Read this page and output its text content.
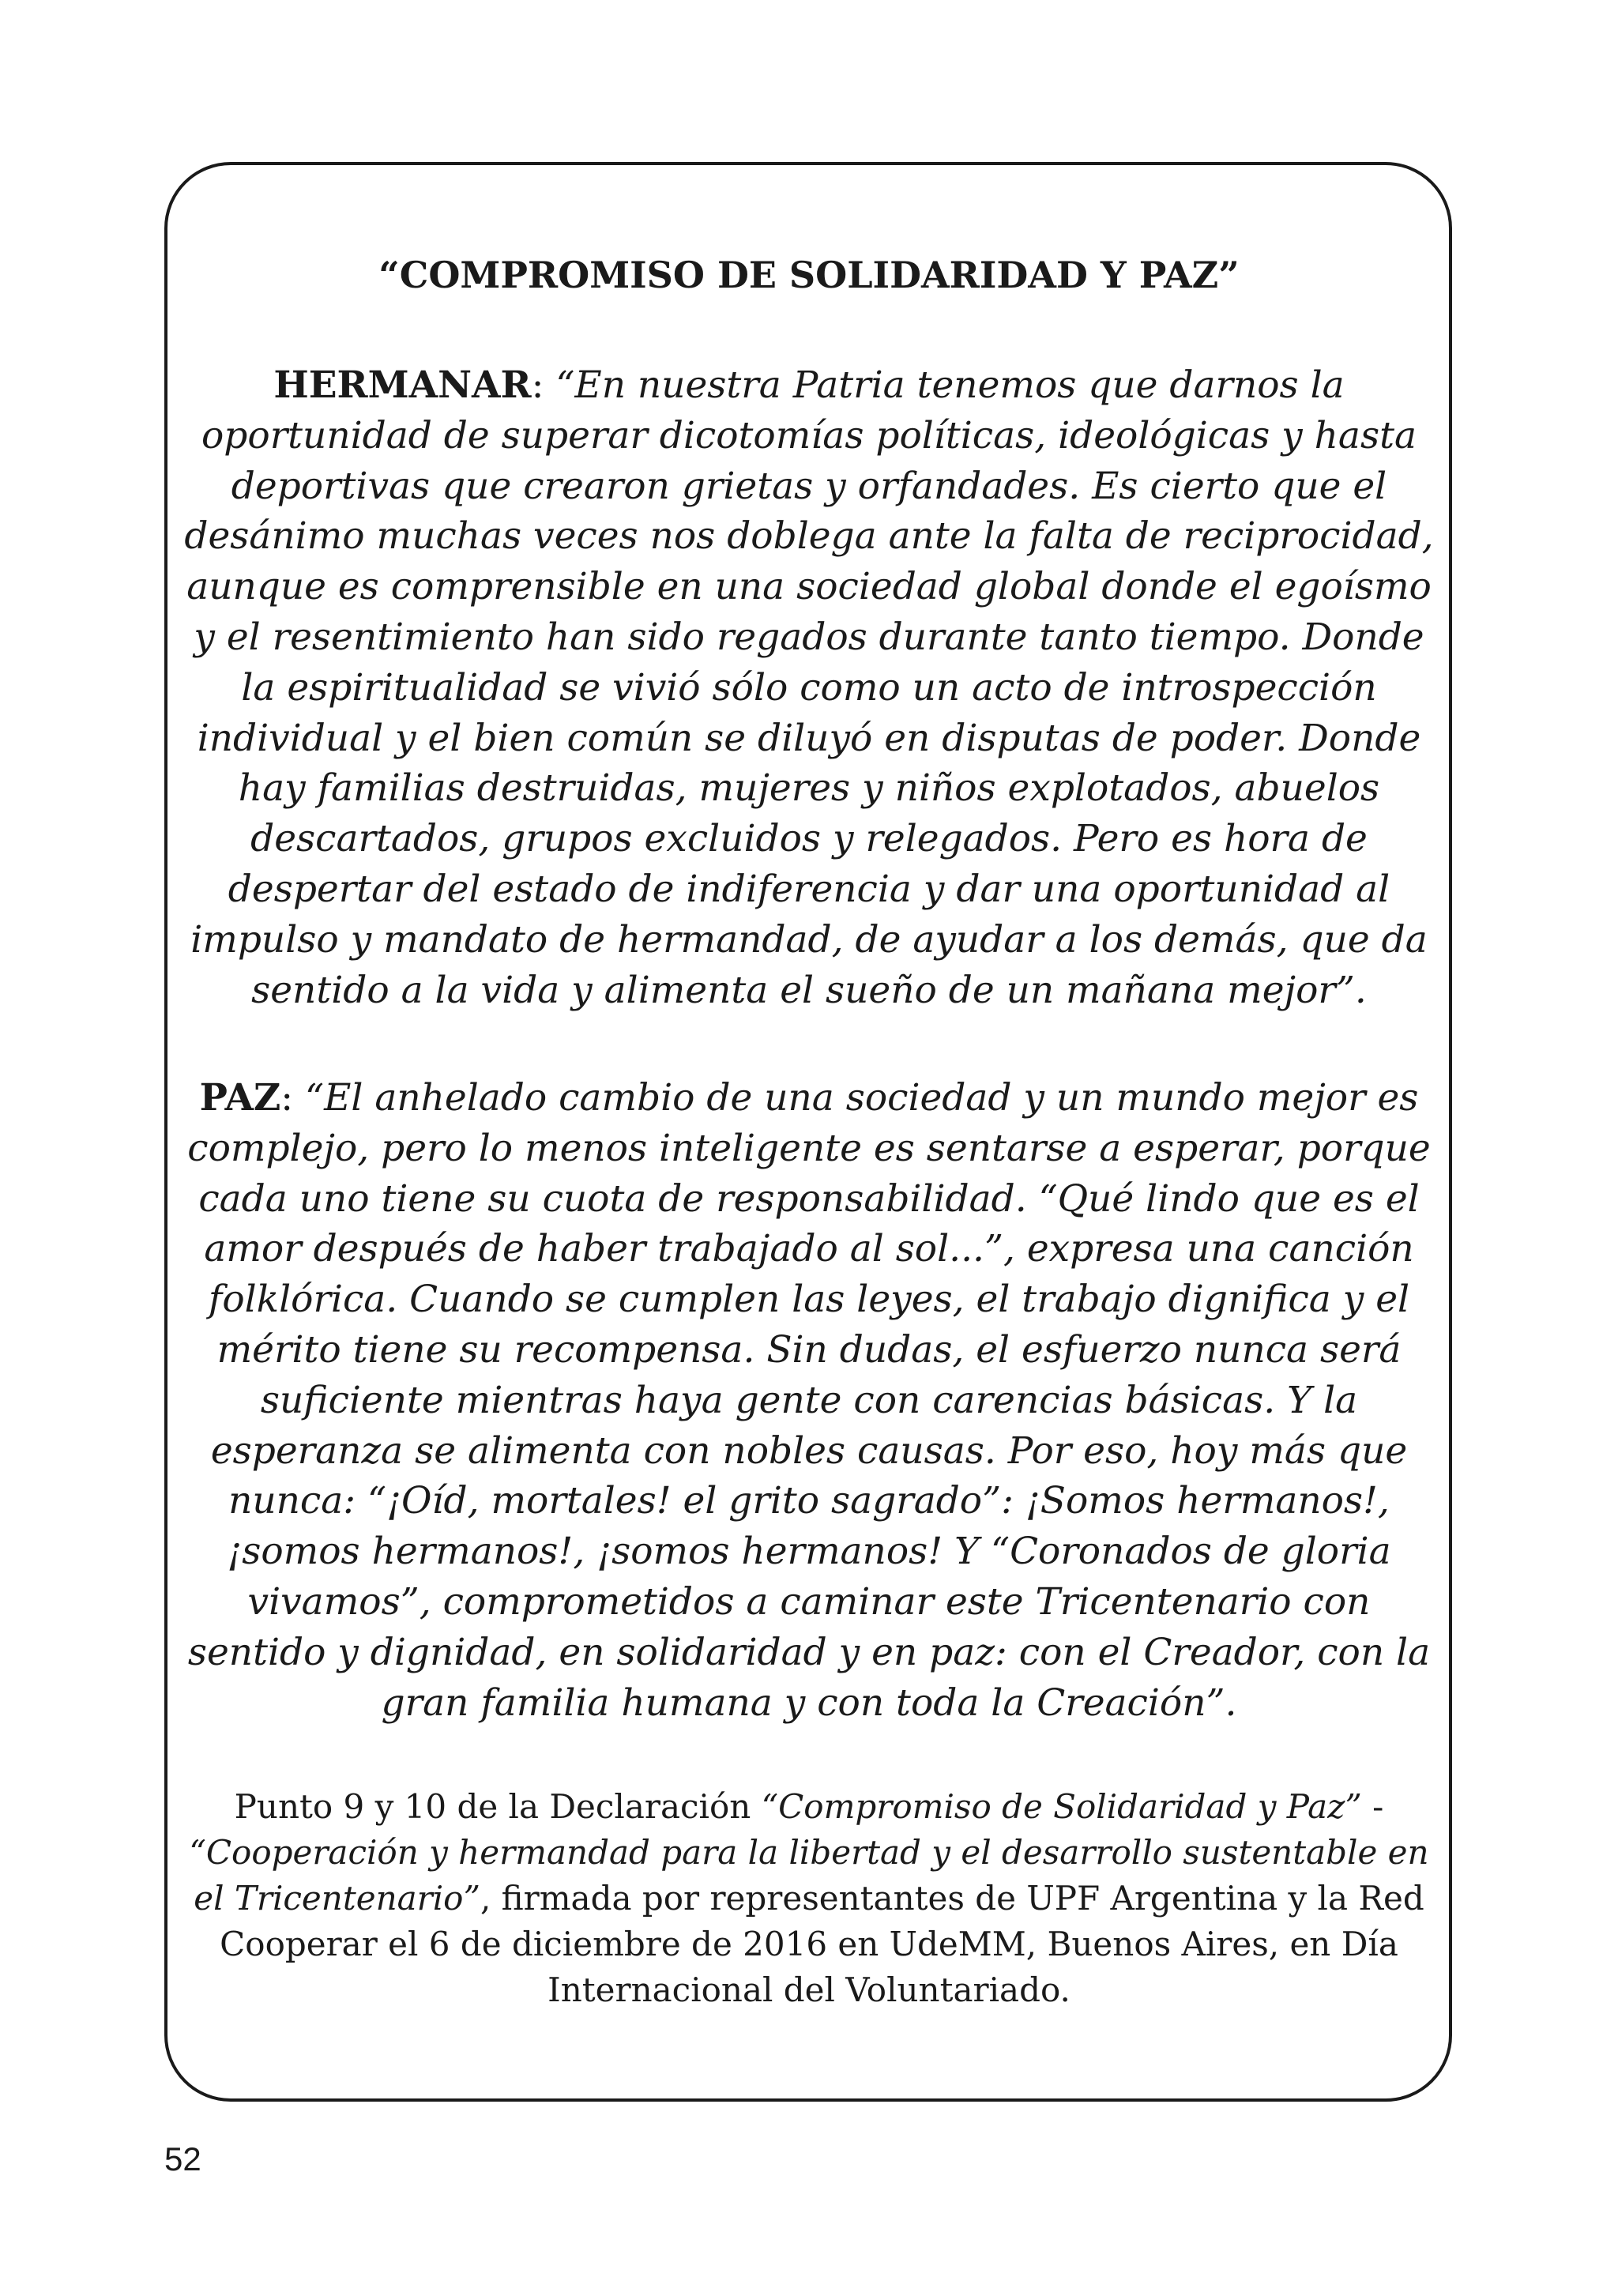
“COMPROMISO DE SOLIDARIDAD Y PAZ”

HERMANAR: “En nuestra Patria tenemos que darnos la oportunidad de superar dicotomías políticas, ideológicas y hasta deportivas que crearon grietas y orfandades. Es cierto que el desánimo muchas veces nos doblega ante la falta de reciprocidad, aunque es comprensible en una sociedad global donde el egoísmo y el resentimiento han sido regados durante tanto tiempo. Donde la espiritualidad se vivió sólo como un acto de introspección individual y el bien común se diluyó en disputas de poder. Donde hay familias destruidas, mujeres y niños explotados, abuelos descartados, grupos excluidos y relegados. Pero es hora de despertar del estado de indiferencia y dar una oportunidad al impulso y mandato de hermandad, de ayudar a los demás, que da sentido a la vida y alimenta el sueño de un mañana mejor”.

PAZ: “El anhelado cambio de una sociedad y un mundo mejor es complejo, pero lo menos inteligente es sentarse a esperar, porque cada uno tiene su cuota de responsabilidad. “Qué lindo que es el amor después de haber trabajado al sol...”, expresa una canción folklórica. Cuando se cumplen las leyes, el trabajo dignifica y el mérito tiene su recompensa. Sin dudas, el esfuerzo nunca será suficiente mientras haya gente con carencias básicas. Y la esperanza se alimenta con nobles causas. Por eso, hoy más que nunca: “¡Oíd, mortales! el grito sagrado”: ¡Somos hermanos!, ¡somos hermanos!, ¡somos hermanos! Y “Coronados de gloria vivamos”, comprometidos a caminar este Tricentenario con sentido y dignidad, en solidaridad y en paz: con el Creador, con la gran familia humana y con toda la Creación”.

Punto 9 y 10 de la Declaración “Compromiso de Solidaridad y Paz” - “Cooperación y hermandad para la libertad y el desarrollo sustentable en el Tricentenario”, firmada por representantes de UPF Argentina y la Red Cooperar el 6 de diciembre de 2016 en UdeMM, Buenos Aires, en Día Internacional del Voluntariado.

52
